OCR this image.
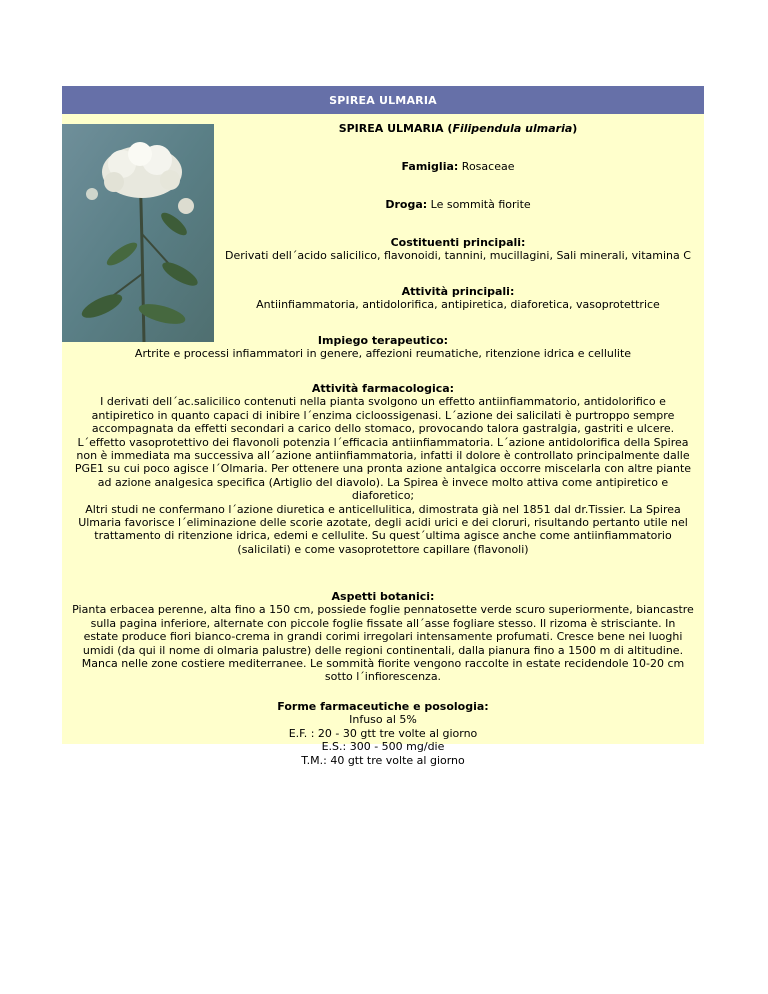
SPIREA ULMARIA
SPIREA ULMARIA (Filipendula ulmaria)
Famiglia: Rosaceae
Droga: Le sommità fiorite
Costituenti principali:
Derivati dell´acido salicilico, flavonoidi, tannini, mucillagini, Sali minerali, vitamina C
Attività principali:
Antiinfiammatoria, antidolorifica, antipiretica, diaforetica, vasoprotettrice
Impiego terapeutico:
Artrite e processi infiammatori in genere, affezioni reumatiche, ritenzione idrica e cellulite
Attività farmacologica:
I derivati dell´ac.salicilico contenuti nella pianta svolgono un effetto antiinfiammatorio, antidolorifico e
antipiretico in quanto capaci di inibire l´enzima cicloossigenasi. L´azione dei salicilati è purtroppo sempre
accompagnata da effetti secondari a carico dello stomaco, provocando talora gastralgia, gastriti e ulcere.
L´effetto vasoprotettivo dei flavonoli potenzia l´efficacia antiinfiammatoria. L´azione antidolorifica della Spirea
non è immediata ma successiva all´azione antiinfiammatoria, infatti il dolore è controllato principalmente dalle
PGE1 su cui poco agisce l´Olmaria. Per ottenere una pronta azione antalgica occorre miscelarla con altre piante
ad azione analgesica specifica (Artiglio del diavolo). La Spirea è invece molto attiva come antipiretico e
diaforetico;
Altri studi ne confermano l´azione diuretica e anticellulitica, dimostrata già nel 1851 dal dr.Tissier. La Spirea
Ulmaria favorisce l´eliminazione delle scorie azotate, degli acidi urici e dei cloruri, risultando pertanto utile nel
trattamento di ritenzione idrica, edemi e cellulite. Su quest´ultima agisce anche come antiinfiammatorio
(salicilati) e come vasoprotettore capillare (flavonoli)
Aspetti botanici:
Pianta erbacea perenne, alta fino a 150 cm, possiede foglie pennatosette verde scuro superiormente, biancastre
sulla pagina inferiore, alternate con piccole foglie fissate all´asse fogliare stesso. Il rizoma è strisciante. In
estate produce fiori bianco-crema in grandi corimi irregolari intensamente profumati. Cresce bene nei luoghi
umidi (da qui il nome di olmaria palustre) delle regioni continentali, dalla pianura fino a 1500 m di altitudine.
Manca nelle zone costiere mediterranee. Le sommità fiorite vengono raccolte in estate recidendole 10-20 cm
sotto l´infiorescenza.
Forme farmaceutiche e posologia:
Infuso al 5%
E.F. : 20 - 30 gtt tre volte al giorno
E.S.: 300 - 500 mg/die
T.M.: 40 gtt tre volte al giorno
